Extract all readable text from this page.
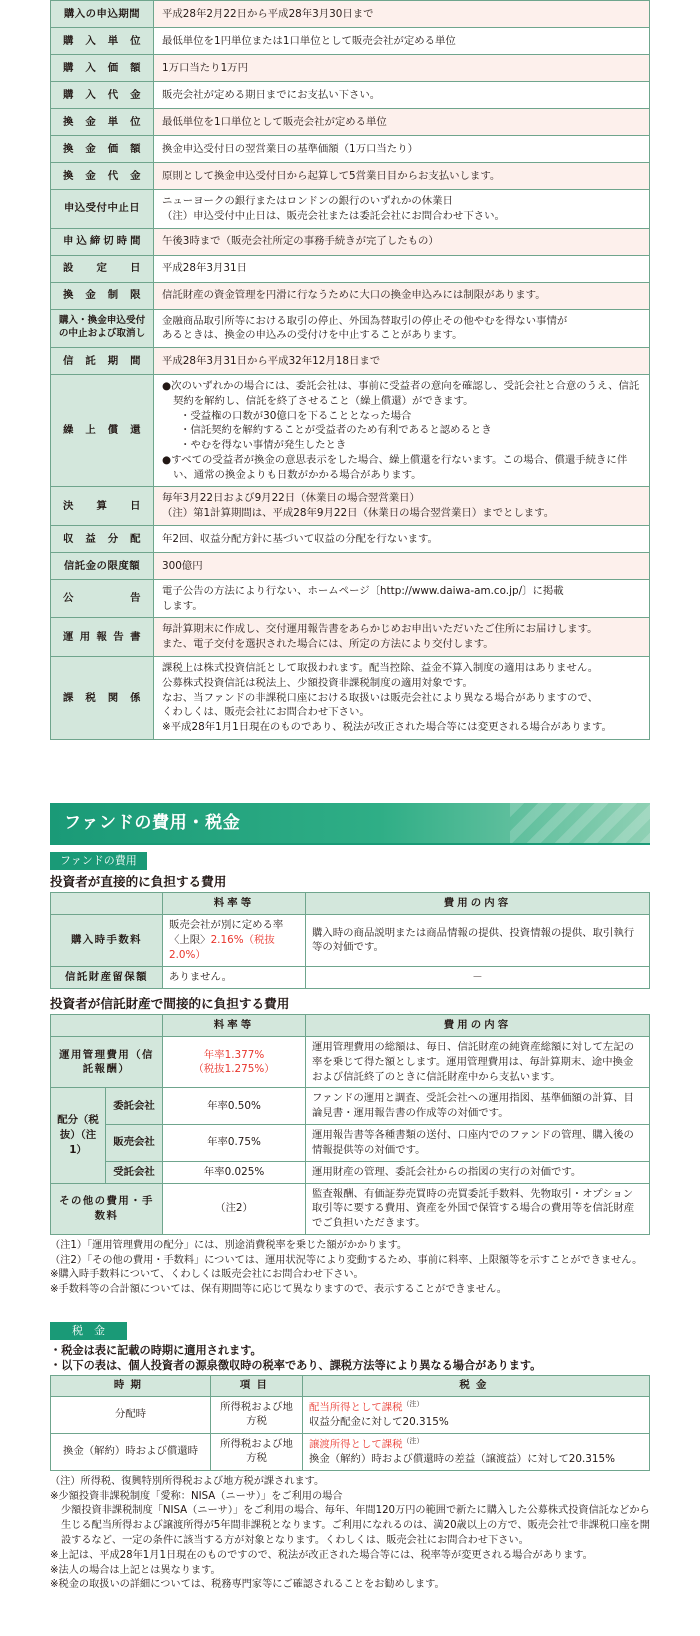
購入の申込期間	平成28年2月22日から平成28年3月30日まで

購入単位	最低単位を1円単位または1口単位として販売会社が定める単位

購入価額	1万口当たり1万円

購入代金	販売会社が定める期日までにお支払い下さい。

換金単位	最低単位を1口単位として販売会社が定める単位

換金価額	換金申込受付日の翌営業日の基準価額（1万口当たり）

換金代金	原則として換金申込受付日から起算して5営業日目からお支払いします。

申込受付中止日	ニューヨークの銀行またはロンドンの銀行のいずれかの休業日
（注）申込受付中止日は、販売会社または委託会社にお問合わせ下さい。

申込締切時間	午後3時まで（販売会社所定の事務手続きが完了したもの）

設定日	平成28年3月31日

換金制限	信託財産の資金管理を円滑に行なうために大口の換金申込みには制限があります。

購入・換金申込受付の中止および取消し	金融商品取引所等における取引の停止、外国為替取引の停止その他やむを得ない事情が
あるときは、換金の申込みの受付けを中止することがあります。

信託期間	平成28年3月31日から平成32年12月18日まで

繰上償還	●次のいずれかの場合には、委託会社は、事前に受益者の意向を確認し、受託会社と合意のうえ、信託契約を解約し、信託を終了させること（繰上償還）ができます。
・受益権の口数が30億口を下ることとなった場合
・信託契約を解約することが受益者のため有利であると認めるとき
・やむを得ない事情が発生したとき
●すべての受益者が換金の意思表示をした場合、繰上償還を行ないます。この場合、償還手続きに伴い、通常の換金よりも日数がかかる場合があります。

決算日	毎年3月22日および9月22日（休業日の場合翌営業日）
（注）第1計算期間は、平成28年9月22日（休業日の場合翌営業日）までとします。

収益分配	年2回、収益分配方針に基づいて収益の分配を行ないます。

信託金の限度額	300億円

公告	電子公告の方法により行ない、ホームページ〔http://www.daiwa-am.co.jp/〕に掲載
します。

運用報告書	毎計算期末に作成し、交付運用報告書をあらかじめお申出いただいたご住所にお届けします。
また、電子交付を選択された場合には、所定の方法により交付します。

課税関係	課税上は株式投資信託として取扱われます。配当控除、益金不算入制度の適用はありません。
公募株式投資信託は税法上、少額投資非課税制度の適用対象です。
なお、当ファンドの非課税口座における取扱いは販売会社により異なる場合がありますので、
くわしくは、販売会社にお問合わせ下さい。
※平成28年1月1日現在のものであり、税法が改正された場合等には変更される場合があります。
ファンドの費用・税金
ファンドの費用
投資者が直接的に負担する費用
	料率等	費用の内容
購入時手数料	販売会社が別に定める率
〈上限〉2.16%（税抜2.0%）	購入時の商品説明または商品情報の提供、投資情報の提供、取引執行等の対価です。
信託財産留保額	ありません。	－
投資者が信託財産で間接的に負担する費用
		料率等	費用の内容
運用管理費用（信託報酬）		年率1.377%
（税抜1.275%）	運用管理費用の総額は、毎日、信託財産の純資産総額に対して左記の率を乗じて得た額とします。運用管理費用は、毎計算期末、途中換金および信託終了のときに信託財産中から支払います。
配分（税抜）（注1）	委託会社	年率0.50%	ファンドの運用と調査、受託会社への運用指図、基準価額の計算、目論見書・運用報告書の作成等の対価です。
	販売会社	年率0.75%	運用報告書等各種書類の送付、口座内でのファンドの管理、購入後の情報提供等の対価です。
	受託会社	年率0.025%	運用財産の管理、委託会社からの指図の実行の対価です。
その他の費用・手数料		（注2）	監査報酬、有価証券売買時の売買委託手数料、先物取引・オプション取引等に要する費用、資産を外国で保管する場合の費用等を信託財産でご負担いただきます。
（注1）「運用管理費用の配分」には、別途消費税率を乗じた額がかかります。
（注2）「その他の費用・手数料」については、運用状況等により変動するため、事前に料率、上限額等を示すことができません。
※購入時手数料について、くわしくは販売会社にお問合わせ下さい。
※手数料等の合計額については、保有期間等に応じて異なりますので、表示することができません。
税　金
・税金は表に記載の時期に適用されます。
・以下の表は、個人投資者の源泉徴収時の税率であり、課税方法等により異なる場合があります。
時期	項目	税金
分配時	所得税および地方税	配当所得として課税$^{(注)}$
収益分配金に対して20.315%

換金（解約）時および償還時	所得税および地方税	譲渡所得として課税$^{(注)}$
換金（解約）時および償還時の差益（譲渡益）に対して20.315%
（注）所得税、復興特別所得税および地方税が課されます。
※少額投資非課税制度「愛称：NISA（ニーサ）」をご利用の場合
少額投資非課税制度「NISA（ニーサ）」をご利用の場合、毎年、年間120万円の範囲で新たに購入した公募株式投資信託などから生じる配当所得および譲渡所得が5年間非課税となります。ご利用になれるのは、満20歳以上の方で、販売会社で非課税口座を開設するなど、一定の条件に該当する方が対象となります。くわしくは、販売会社にお問合わせ下さい。
※上記は、平成28年1月1日現在のものですので、税法が改正された場合等には、税率等が変更される場合があります。
※法人の場合は上記とは異なります。
※税金の取扱いの詳細については、税務専門家等にご確認されることをお勧めします。
